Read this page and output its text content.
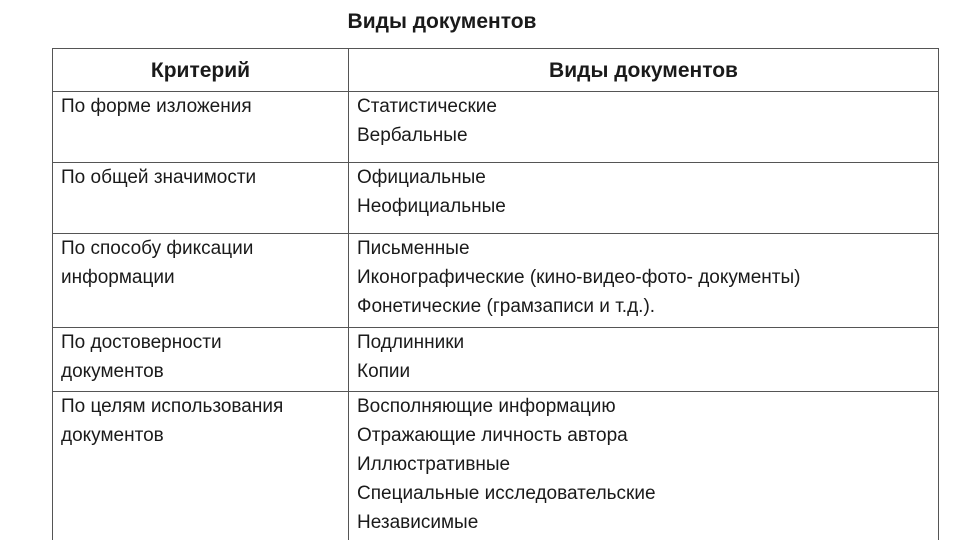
Виды документов
Критерий	Виды документов

По форме изложения	Статистические
Вербальные

По общей значимости	Официальные
Неофициальные

По способу фиксации
информации	Письменные
Иконографические (кино-видео-фото- документы)
Фонетические (грамзаписи и т.д.).

По достоверности
документов	Подлинники
Копии

По целям использования
документов	Восполняющие информацию
Отражающие личность автора
Иллюстративные
Специальные исследовательские
Независимые
